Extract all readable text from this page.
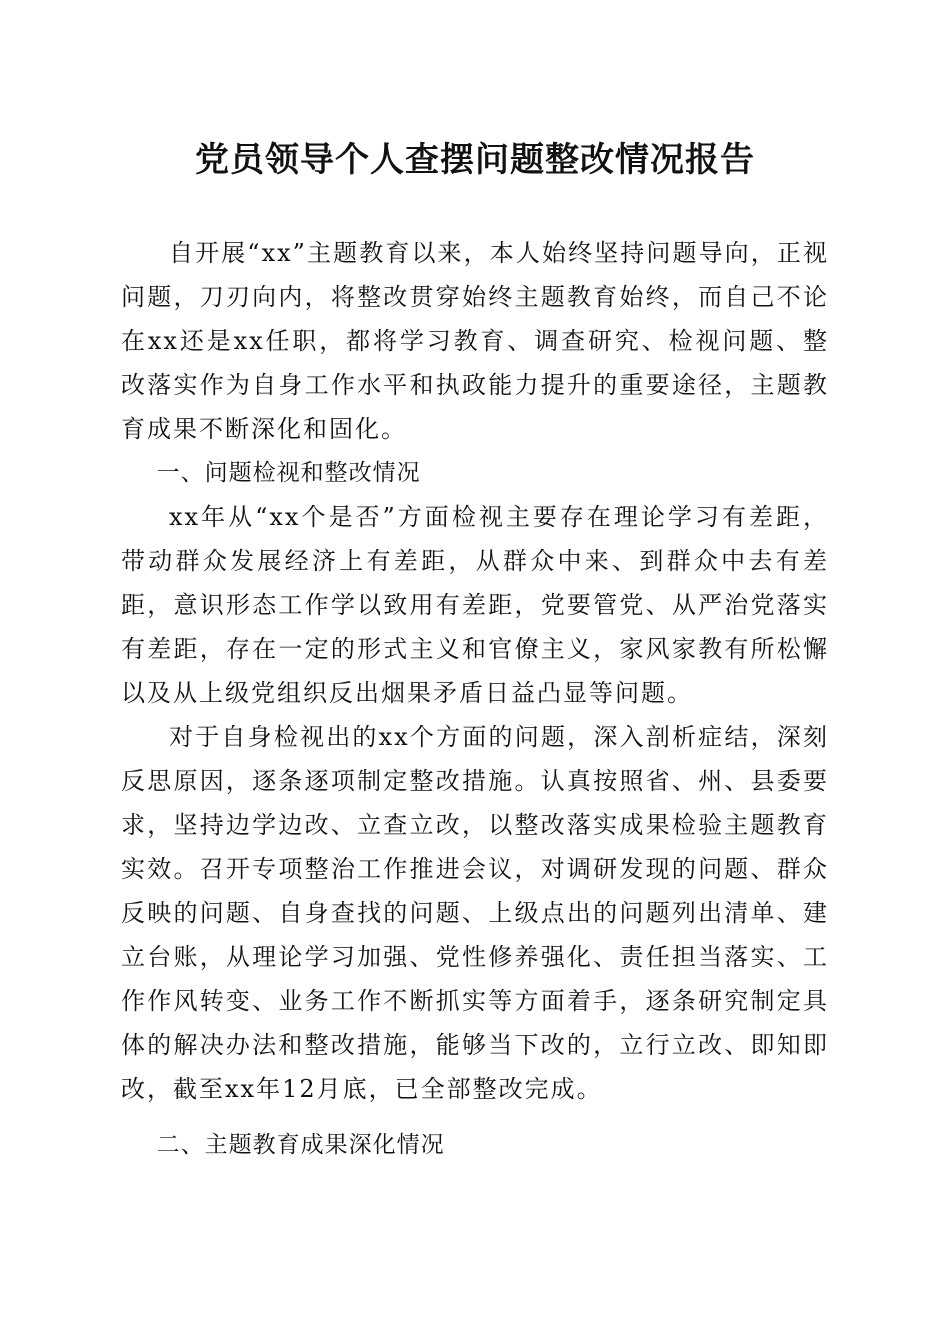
党员领导个人查摆问题整改情况报告

自开展“xx”主题教育以来，本人始终坚持问题导向，正视问题，刀刃向内，将整改贯穿始终主题教育始终，而自己不论在xx还是xx任职，都将学习教育、调查研究、检视问题、整改落实作为自身工作水平和执政能力提升的重要途径，主题教育成果不断深化和固化。

一、问题检视和整改情况

xx年从“xx个是否”方面检视主要存在理论学习有差距，带动群众发展经济上有差距，从群众中来、到群众中去有差距，意识形态工作学以致用有差距，党要管党、从严治党落实有差距，存在一定的形式主义和官僚主义，家风家教有所松懈以及从上级党组织反出烟果矛盾日益凸显等问题。

对于自身检视出的xx个方面的问题，深入剖析症结，深刻反思原因，逐条逐项制定整改措施。认真按照省、州、县委要求，坚持边学边改、立查立改，以整改落实成果检验主题教育实效。召开专项整治工作推进会议，对调研发现的问题、群众反映的问题、自身查找的问题、上级点出的问题列出清单、建立台账，从理论学习加强、党性修养强化、责任担当落实、工作作风转变、业务工作不断抓实等方面着手，逐条研究制定具体的解决办法和整改措施，能够当下改的，立行立改、即知即改，截至xx年12月底，已全部整改完成。

二、主题教育成果深化情况
